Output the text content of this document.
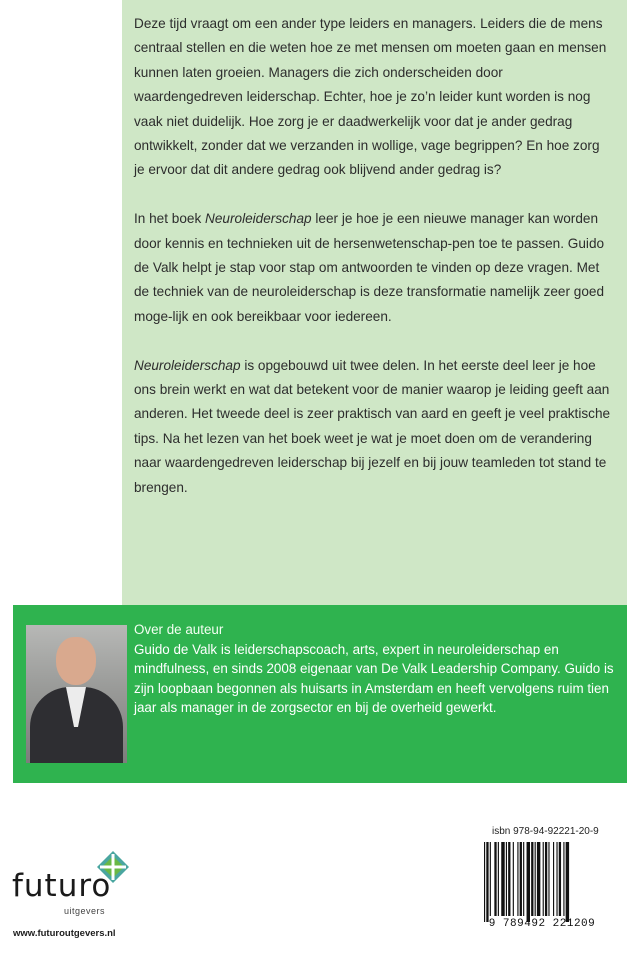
Deze tijd vraagt om een ander type leiders en managers. Leiders die de mens centraal stellen en die weten hoe ze met mensen om moeten gaan en mensen kunnen laten groeien. Managers die zich onderscheiden door waardengedreven leiderschap. Echter, hoe je zo’n leider kunt worden is nog vaak niet duidelijk. Hoe zorg je er daadwerkelijk voor dat je ander gedrag ontwikkelt, zonder dat we verzanden in wollige, vage begrippen? En hoe zorg je ervoor dat dit andere gedrag ook blijvend ander gedrag is?

In het boek Neuroleiderschap leer je hoe je een nieuwe manager kan worden door kennis en technieken uit de hersenwetenschap-pen toe te passen. Guido de Valk helpt je stap voor stap om antwoorden te vinden op deze vragen. Met de techniek van de neuroleiderschap is deze transformatie namelijk zeer goed moge-lijk en ook bereikbaar voor iedereen.

Neuroleiderschap is opgebouwd uit twee delen. In het eerste deel leer je hoe ons brein werkt en wat dat betekent voor de manier waarop je leiding geeft aan anderen. Het tweede deel is zeer praktisch van aard en geeft je veel praktische tips. Na het lezen van het boek weet je wat je moet doen om de verandering naar waardengedreven leiderschap bij jezelf en bij jouw teamleden tot stand te brengen.

Over de auteur
Guido de Valk is leiderschapscoach, arts, expert in neuroleiderschap en mindfulness, en sinds 2008 eigenaar van De Valk Leadership Company. Guido is zijn loopbaan begonnen als huisarts in Amsterdam en heeft vervolgens ruim tien jaar als manager in de zorgsector en bij de overheid gewerkt.
isbn 978-94-92221-20-9
9 789492 221209
futuro
uitgevers
www.futuroutgevers.nl
